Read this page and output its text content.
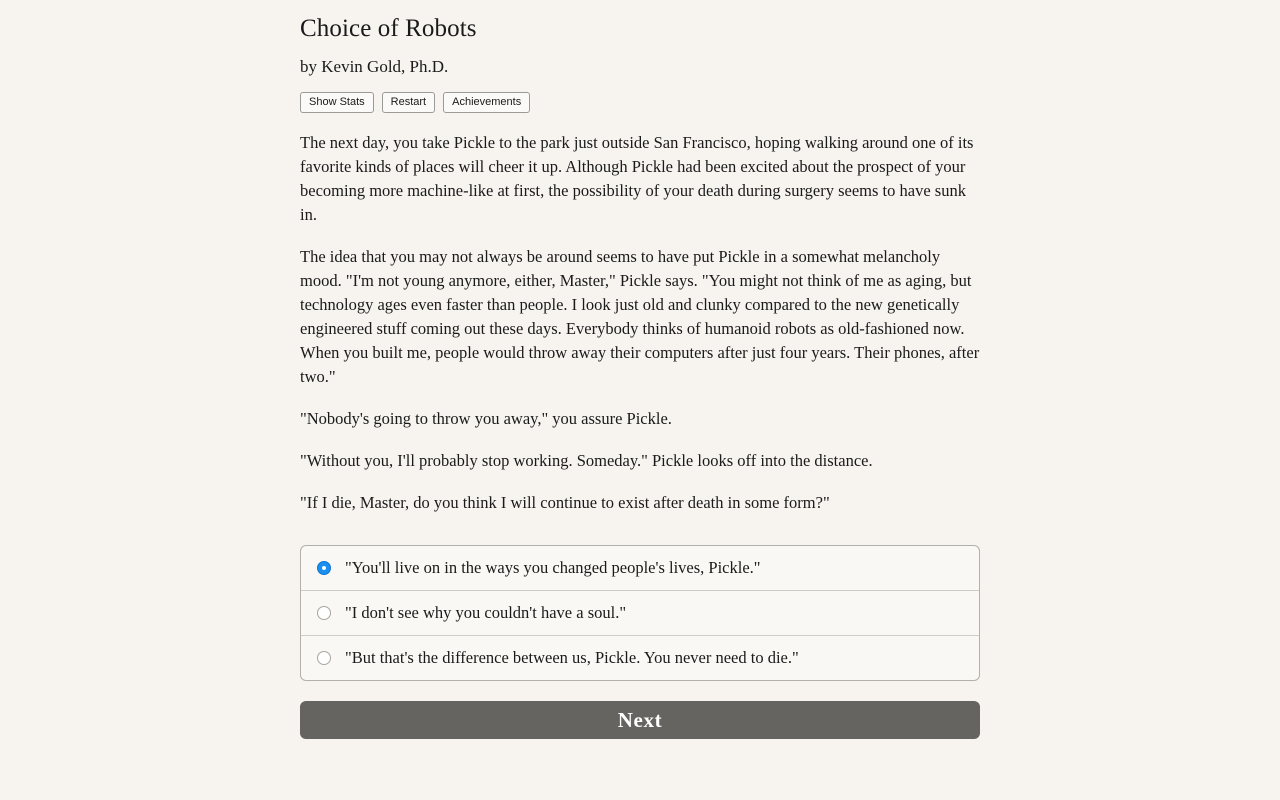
Choice of Robots

by Kevin Gold, Ph.D.

Show Stats	Restart	Achievements

The next day, you take Pickle to the park just outside San Francisco, hoping walking around one of its favorite kinds of places will cheer it up. Although Pickle had been excited about the prospect of your becoming more machine-like at first, the possibility of your death during surgery seems to have sunk in.

The idea that you may not always be around seems to have put Pickle in a somewhat melancholy mood. "I'm not young anymore, either, Master," Pickle says. "You might not think of me as aging, but technology ages even faster than people. I look just old and clunky compared to the new genetically engineered stuff coming out these days. Everybody thinks of humanoid robots as old-fashioned now. When you built me, people would throw away their computers after just four years. Their phones, after two."

"Nobody's going to throw you away," you assure Pickle.

"Without you, I'll probably stop working. Someday." Pickle looks off into the distance.

"If I die, Master, do you think I will continue to exist after death in some form?"

"You'll live on in the ways you changed people's lives, Pickle."
"I don't see why you couldn't have a soul."
"But that's the difference between us, Pickle. You never need to die."
Next
